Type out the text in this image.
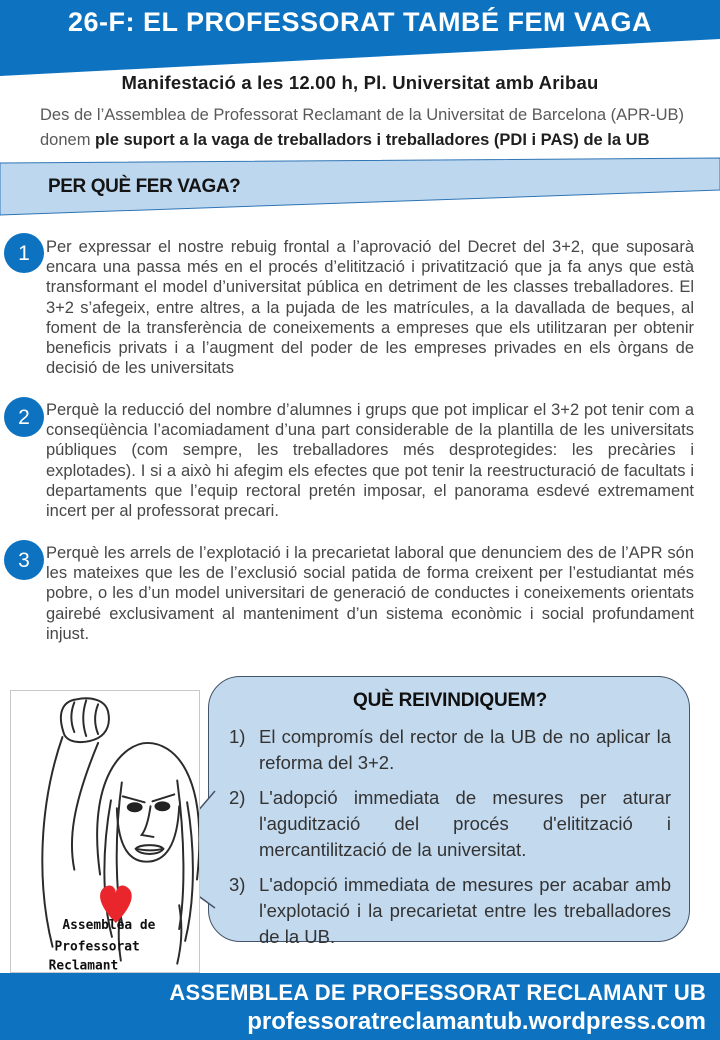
26-F: EL PROFESSORAT TAMBÉ FEM VAGA
Manifestació a les 12.00 h, Pl. Universitat amb Aribau

Des de l’Assemblea de Professorat Reclamant de la Universitat de Barcelona (APR-UB) donem ple suport a la vaga de treballadors i treballadores (PDI i PAS) de la UB

PER QUÈ FER VAGA?
1 Per expressar el nostre rebuig frontal a l’aprovació del Decret del 3+2, que suposarà encara una passa més en el procés d’elitització i privatització que ja fa anys que està transformant el model d’universitat pública en detriment de les classes treballadores. El 3+2 s’afegeix, entre altres, a la pujada de les matrícules, a la davallada de beques, al foment de la transferència de coneixements a empreses que els utilitzaran per obtenir beneficis privats i a l’augment del poder de les empreses privades en els òrgans de decisió de les universitats

2 Perquè la reducció del nombre d’alumnes i grups que pot implicar el 3+2 pot tenir com a conseqüència l’acomiadament d’una part considerable de la plantilla de les universitats públiques (com sempre, les treballadores més desprotegides: les precàries i explotades). I si a això hi afegim els efectes que pot tenir la reestructuració de facultats i departaments que l’equip rectoral pretén imposar, el panorama esdevé extremament incert per al professorat precari.

3 Perquè les arrels de l’explotació i la precarietat laboral que denunciem des de l’APR són les mateixes que les de l’exclusió social patida de forma creixent per l’estudiantat més pobre, o les d’un model universitari de generació de conductes i coneixements orientats gairebé exclusivament al manteniment d’un sistema econòmic i social profundament injust.

QUÈ REIVINDIQUEM?
1) El compromís del rector de la UB de no aplicar la reforma del 3+2.
2) L'adopció immediata de mesures per aturar l'agudització del procés d'elitització i mercantilització de la universitat.
3) L'adopció immediata de mesures per acabar amb l'explotació i la precarietat entre les treballadores de la UB.
Assemblea de
Professorat
Reclamant
ASSEMBLEA DE PROFESSORAT RECLAMANT UB
professoratreclamantub.wordpress.com
